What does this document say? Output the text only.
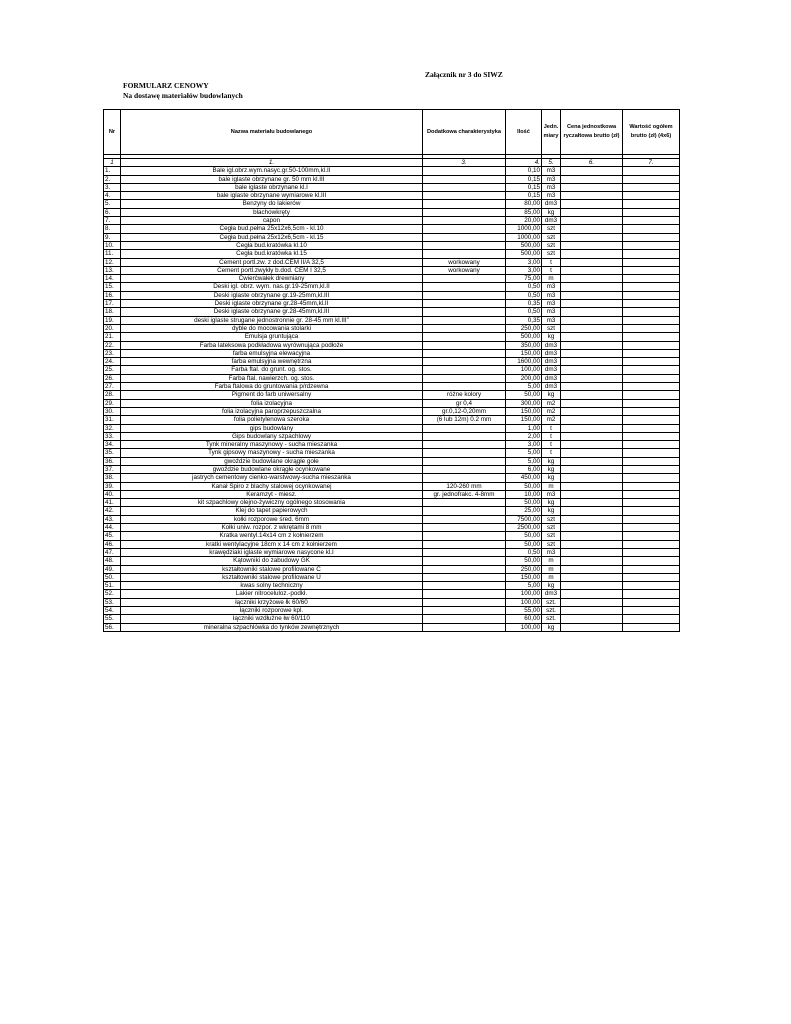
Załącznik nr 3 do SIWZ
FORMULARZ CENOWY
Na dostawę materiałów budowlanych
Nr	Nazwa materiału budowlanego	Dodatkowa charakterystyka	Ilość	Jedn. miary	Cena jednostkowa ryczałtowa brutto (zł)	Wartość ogółem brutto (zł) (4x6)

1	1.	3.	4.	5.	6.	7.
1.	Bale igl.obrz.wym.nasyc.gr.50-100mm,kl.II		0,10	m3		
2.	bale iglaste obrzynane gr. 50 mm kl.III		0,15	m3		
3.	bale iglaste obrzynane kl.I		0,15	m3		
4.	bale iglaste obrzynane wymiarowe kl.III		0,15	m3		
5.	Benzyny do lakierów		80,00	dm3		
6.	blachowkręty		85,00	kg		
7.	capon		20,00	dm3		
8.	Cegła bud.pełna 25x12x6,5cm - kl.10		1000,00	szt		
9.	Cegła bud.pełna 25x12x6,5cm - kl.15		1000,00	szt		
10.	Cegła bud.kratówka kl.10		500,00	szt		
11.	Cegła bud.kratówka kl.15		500,00	szt		
12.	Cement portl.zw. z dod.CEM II/A 32,5	workowany	3,00	t		
13.	Cement portl.zwykły b.dod. CEM I 32,5	workowany	3,00	t		
14.	Ćwierćwałek drewniany		75,00	m		
15.	Deski igl. obrz. wym. nas.gr.19-25mm,kl.II		0,50	m3		
16.	Deski iglaste obrzynane gr.19-25mm,kl.III		0,50	m3		
17.	Deski iglaste obrzynane gr.28-45mm,kl.II		0,35	m3		
18.	Deski iglaste obrzynane gr.28-45mm,kl.III		0,50	m3		
19.	deski iglaste strugane jednostronnie gr. 28-45 mm kl.III"		0,35	m3		
20.	dyble do mocowania stolarki		250,00	szt		
21.	Emulsja gruntująca		500,00	kg		
22.	Farba lateksowa podkładowa wyrównująca podłoże		350,00	dm3		
23.	farba emulsyjna elewacyjna		150,00	dm3		
24.	farba emulsyjna wewnętrzna		1600,00	dm3		
25.	Farba ftal. do grunt. og. stos.		100,00	dm3		
26.	Farba ftal. nawierzch. og. stos.		200,00	dm3		
27.	Farba ftalowa do gruntowania p/rdzewna		5,00	dm3		
28.	Pigment do farb uniwersalny	różne kolory	50,00	kg		
29.	folia izolacyjna	gr 0,4	300,00	m2		
30.	folia izolacyjna paroprzepuszczalna	gr.0,12-0,20mm	150,00	m2		
31.	folia polietylenowa szeroka	(6 lub 12m) 0.2 mm	150,00	m2		
32.	gips budowlany		1,00	t		
33.	Gips budowlany szpachlowy		2,00	t		
34.	Tynk mineralny maszynowy - sucha mieszanka		3,00	t		
35.	Tynk gipsowy maszynowy - sucha mieszanka		5,00	t		
36.	gwoździe budowlane okrągłe gołe		5,00	kg		
37.	gwoździe budowlane okrągłe ocynkowane		6,00	kg		
38.	jastrych cementowy cienko-warstwowy-sucha mieszanka		450,00	kg		
39.	Kanał Spiro z blachy stalowej ocynkowanej	120-260 mm	50,00	m		
40.	Keramzyt - miesz.	gr. jednofrakc. 4-8mm	10,00	m3		
41.	kit szpachlowy olejno-żywiczny ogólnego stosowania		50,00	kg		
42.	Klej do tapet papierowych		25,00	kg		
43.	kołki rozporowe śred. 6mm		7500,00	szt		
44.	Kołki uniw. rozpor. z wkrętami 8 mm		2500,00	szt		
45.	Kratka wentyl.14x14 cm z kołnierzem		50,00	szt		
46.	kratki wentylacyjne 18cm x 14 cm z kołnierzem		50,00	szt		
47.	krawędziaki iglaste wymiarowe nasycone kl.I		0,50	m3		
48.	Kątowniki do zabudowy GK		50,00	m		
49.	kształtowniki stalowe profilowane C		250,00	m		
50.	kształtowniki stalowe profilowane U		150,00	m		
51.	kwas solny techniczny		5,00	kg		
52.	Lakier nitroceluloz.-podkł.		100,00	dm3		
53.	łączniki krzyżowe łk 60/60		100,00	szt.		
54.	łączniki rozporowe kpl.		55,00	szt.		
55.	łączniki wzdłużne łw 60/110		60,00	szt.		
56.	mineralna szpachlówka do tynków zewnętrznych		100,00	kg		
